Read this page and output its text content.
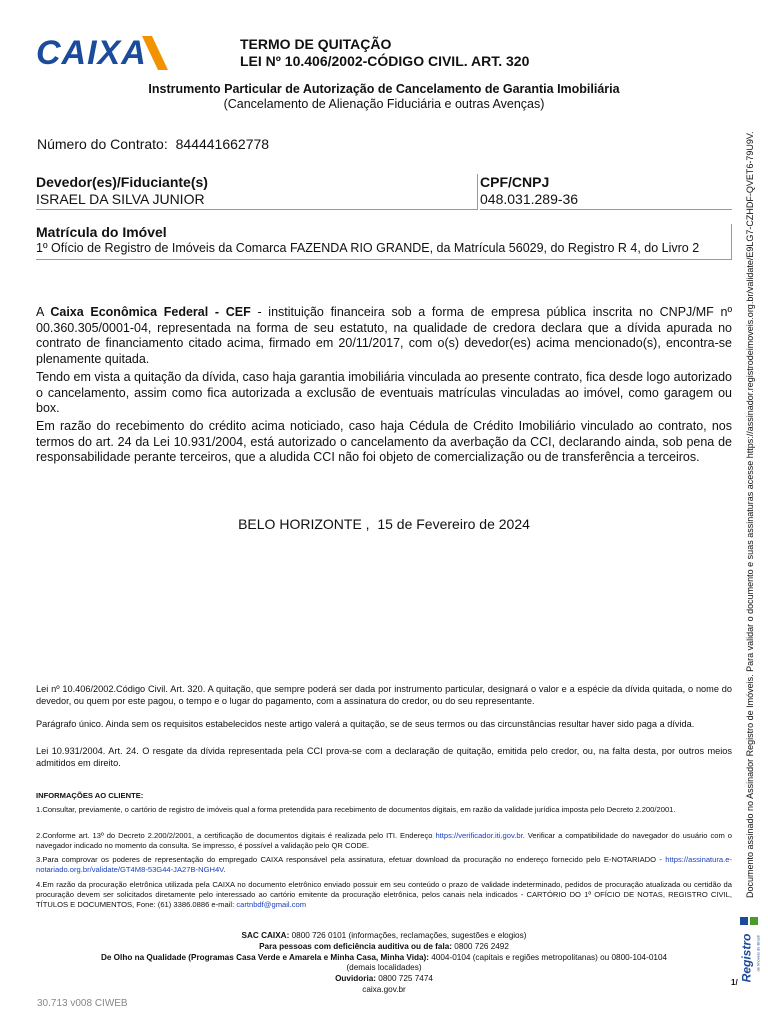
CAIXA	TERMO DE QUITAÇÃO
LEI Nº 10.406/2002-CÓDIGO CIVIL. ART. 320
Instrumento Particular de Autorização de Cancelamento de Garantia Imobiliária
(Cancelamento de Alienação Fiduciária e outras Avenças)
Número do Contrato: 844441662778
Devedor(es)/Fiduciante(s)
ISRAEL DA SILVA JUNIOR
CPF/CNPJ
048.031.289-36
Matrícula do Imóvel
1º Ofício de Registro de Imóveis da Comarca FAZENDA RIO GRANDE, da Matrícula 56029, do Registro R 4, do Livro 2
A Caixa Econômica Federal - CEF - instituição financeira sob a forma de empresa pública inscrita no CNPJ/MF nº 00.360.305/0001-04, representada na forma de seu estatuto, na qualidade de credora declara que a dívida apurada no contrato de financiamento citado acima, firmado em 20/11/2017, com o(s) devedor(es) acima mencionado(s), encontra-se plenamente quitada.
Tendo em vista a quitação da dívida, caso haja garantia imobiliária vinculada ao presente contrato, fica desde logo autorizado o cancelamento, assim como fica autorizada a exclusão de eventuais matrículas vinculadas ao imóvel, como garagem ou box.
Em razão do recebimento do crédito acima noticiado, caso haja Cédula de Crédito Imobiliário vinculado ao contrato, nos termos do art. 24 da Lei 10.931/2004, está autorizado o cancelamento da averbação da CCI, declarando ainda, sob pena de responsabilidade perante terceiros, que a aludida CCI não foi objeto de comercialização ou de transferência a terceiros.
BELO HORIZONTE ,  15 de Fevereiro de 2024
Lei nº 10.406/2002.Código Civil. Art. 320. A quitação, que sempre poderá ser dada por instrumento particular, designará o valor e a espécie da dívida quitada, o nome do devedor, ou quem por este pagou, o tempo e o lugar do pagamento, com a assinatura do credor, ou do seu representante.
Parágrafo único. Ainda sem os requisitos estabelecidos neste artigo valerá a quitação, se de seus termos ou das circunstâncias resultar haver sido paga a dívida.
Lei 10.931/2004. Art. 24. O resgate da dívida representada pela CCI prova-se com a declaração de quitação, emitida pelo credor, ou, na falta desta, por outros meios admitidos em direito.
INFORMAÇÕES AO CLIENTE:
1.Consultar, previamente, o cartório de registro de imóveis qual a forma pretendida para recebimento de documentos digitais, em razão da validade jurídica imposta pelo Decreto 2.200/2001.
2.Conforme art. 13º do Decreto 2.200/2/2001, a certificação de documentos digitais é realizada pelo ITI. Endereço https://verificador.iti.gov.br. Verificar a compatibilidade do navegador do usuário com o navegador indicado no momento da consulta. Se impresso, é possível a validação pelo QR CODE.
3.Para comprovar os poderes de representação do empregado CAIXA responsável pela assinatura, efetuar download da procuração no endereço fornecido pelo E-NOTARIADO - https://assinatura.e-notariado.org.br/validate/GT4M8-53G44-JA27B-NGH4V.
4.Em razão da procuração eletrônica utilizada pela CAIXA no documento eletrônico enviado possuir em seu conteúdo o prazo de validade indeterminado, pedidos de procuração atualizada ou certidão da procuração devem ser solicitados diretamente pelo interessado ao cartório emitente da procuração eletrônica, pelos canais nela indicados - CARTÓRIO DO 1º OFÍCIO DE NOTAS, REGISTRO CIVIL, TÍTULOS E DOCUMENTOS, Fone: (61) 3386.0886 e-mail: cartnbdf@gmail.com
SAC CAIXA: 0800 726 0101 (informações, reclamações, sugestões e elogios)
Para pessoas com deficiência auditiva ou de fala: 0800 726 2492
De Olho na Qualidade (Programas Casa Verde e Amarela e Minha Casa, Minha Vida): 4004-0104 (capitais e regiões metropolitanas) ou 0800-104-0104
(demais localidades)
Ouvidoria: 0800 725 7474
caixa.gov.br
30.713 v008 CIWEB
1/
Documento assinado no Assinador Registro de Imóveis. Para validar o documento e suas assinaturas acesse https://assinador.registrodeimoveis.org.br/validate/E9LG7-CZHDF-QVET6-79U9V.
Registro de Imóveis do Brasil
